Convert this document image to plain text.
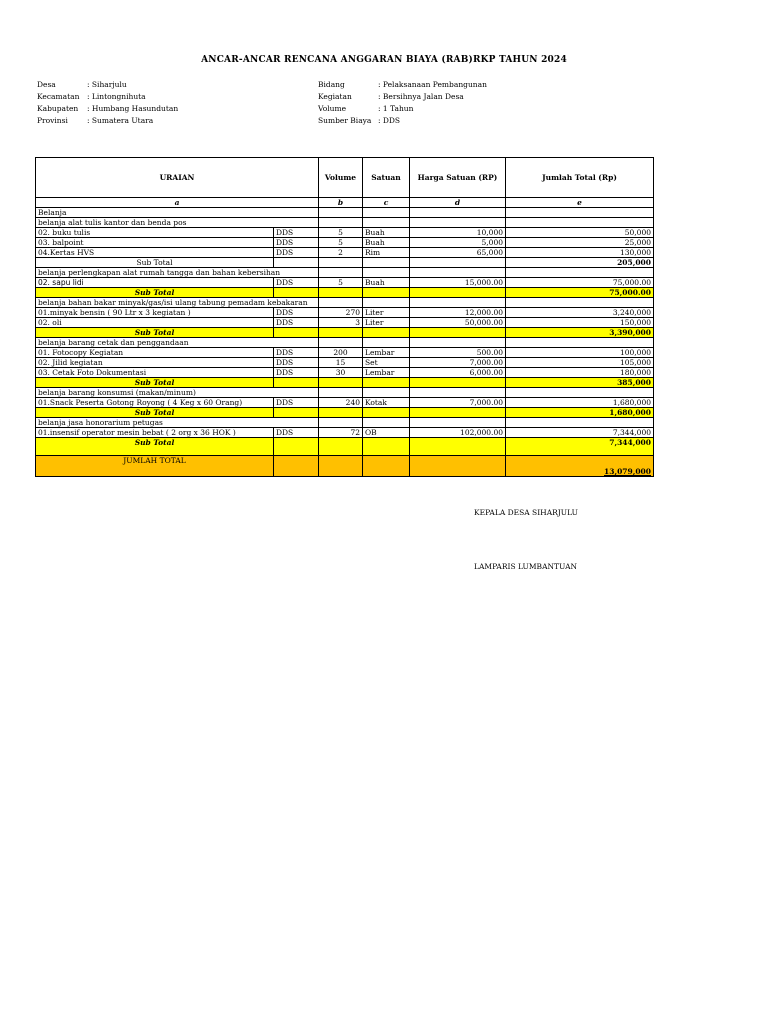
ANCAR-ANCAR RENCANA ANGGARAN BIAYA (RAB)RKP TAHUN 2024
Desa	: Siharjulu
Kecamatan : Lintongnihuta
Kabupaten : Humbang Hasundutan
Provinsi	: Sumatera Utara
Bidang	: Pelaksanaan Pembangunan
Kegiatan	: Bersihnya Jalan Desa
Volume	: 1 Tahun
Sumber Biaya : DDS
URAIAN		Volume	Satuan	Harga Satuan (RP)	Jumlah Total (Rp)
a		b	c	d	e
Belanja					
belanja alat tulis kantor dan benda pos					
02. buku tulis	DDS	5	Buah	10,000	50,000
03. balpoint	DDS	5	Buah	5,000	25,000
04.Kertas HVS	DDS	2	Rim	65,000	130,000
Sub Total					205,000
belanja perlengkapan alat rumah tangga dan bahan kebersihan					
02. sapu lidi	DDS	5	Buah	15,000.00	75,000.00
Sub Total					75,000.00
belanja bahan bakar minyak/gas/isi ulang tabung pemadam kebakaran					
01.minyak bensin ( 90 Ltr x 3 kegiatan )	DDS	270	Liter	12,000.00	3,240,000
02. oli	DDS	3	Liter	50,000.00	150,000
Sub Total					3,390,000
belanja barang cetak dan penggandaan					
01. Fotocopy Kegiatan	DDS	200	Lembar	500.00	100,000
02. Jilid kegiatan	DDS	15	Set	7,000.00	105,000
03. Cetak Foto Dokumentasi	DDS	30	Lembar	6,000.00	180,000
Sub Total					385,000
belanja barang konsumsi (makan/minum)					
01.Snack Peserta Gotong Royong ( 4 Keg x 60 Orang)	DDS	240	Kotak	7,000.00	1,680,000
Sub Total					1,680,000
belanja jasa honorarium petugas					
01.insensif operator mesin bebat ( 2 org x 36 HOK )	DDS	72	OB	102,000.00	7,344,000
Sub Total					7,344,000
JUMLAH TOTAL					13,079,000
KEPALA DESA SIHARJULU
LAMPARIS LUMBANTUAN
